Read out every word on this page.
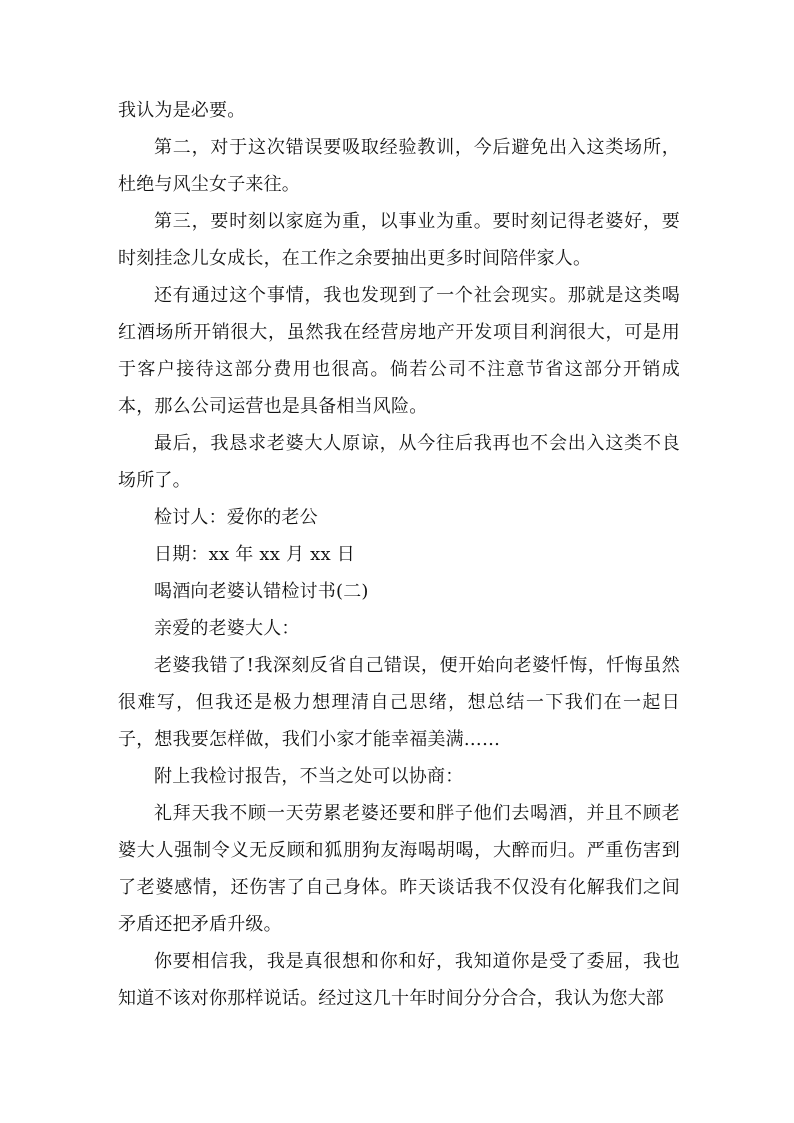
我认为是必要。

第二，对于这次错误要吸取经验教训，今后避免出入这类场所，杜绝与风尘女子来往。

第三，要时刻以家庭为重，以事业为重。要时刻记得老婆好，要时刻挂念儿女成长，在工作之余要抽出更多时间陪伴家人。

还有通过这个事情，我也发现到了一个社会现实。那就是这类喝红酒场所开销很大，虽然我在经营房地产开发项目利润很大，可是用于客户接待这部分费用也很高。倘若公司不注意节省这部分开销成本，那么公司运营也是具备相当风险。

最后，我恳求老婆大人原谅，从今往后我再也不会出入这类不良场所了。

检讨人：爱你的老公

日期：xx 年 xx 月 xx 日

喝酒向老婆认错检讨书(二)

亲爱的老婆大人：

老婆我错了!我深刻反省自己错误，便开始向老婆忏悔，忏悔虽然很难写，但我还是极力想理清自己思绪，想总结一下我们在一起日子，想我要怎样做，我们小家才能幸福美满……

附上我检讨报告，不当之处可以协商：

礼拜天我不顾一天劳累老婆还要和胖子他们去喝酒，并且不顾老婆大人强制令义无反顾和狐朋狗友海喝胡喝，大醉而归。严重伤害到了老婆感情，还伤害了自己身体。昨天谈话我不仅没有化解我们之间矛盾还把矛盾升级。

你要相信我，我是真很想和你和好，我知道你是受了委屈，我也知道不该对你那样说话。经过这几十年时间分分合合，我认为您大部
